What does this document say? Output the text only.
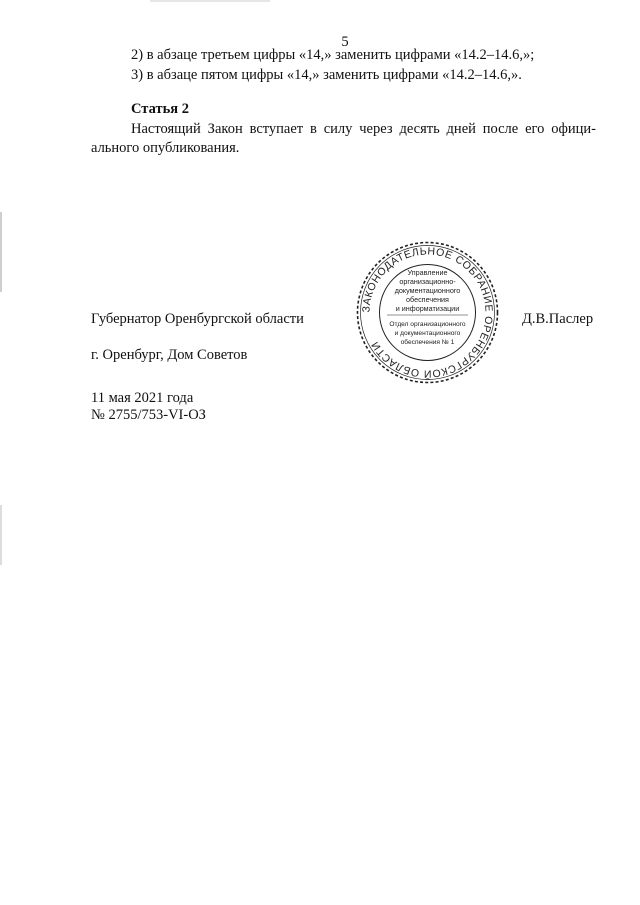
5
2) в абзаце третьем цифры «14,» заменить цифрами «14.2–14.6,»;
3) в абзаце пятом цифры «14,» заменить цифрами «14.2–14.6,».
Статья 2
Настоящий Закон вступает в силу через десять дней после его офици-
ального опубликования.
Губернатор Оренбургской области	Д.В.Паслер
г. Оренбург, Дом Советов
11 мая 2021 года
№ 2755/753-VI-ОЗ
ЗАКОНОДАТЕЛЬНОЕ СОБРАНИЕ ОРЕНБУРГСКОЙ ОБЛАСТИ
Управление
организационно-
документационного
обеспечения
и информатизации
Отдел организационного
и документационного
обеспечения № 1
